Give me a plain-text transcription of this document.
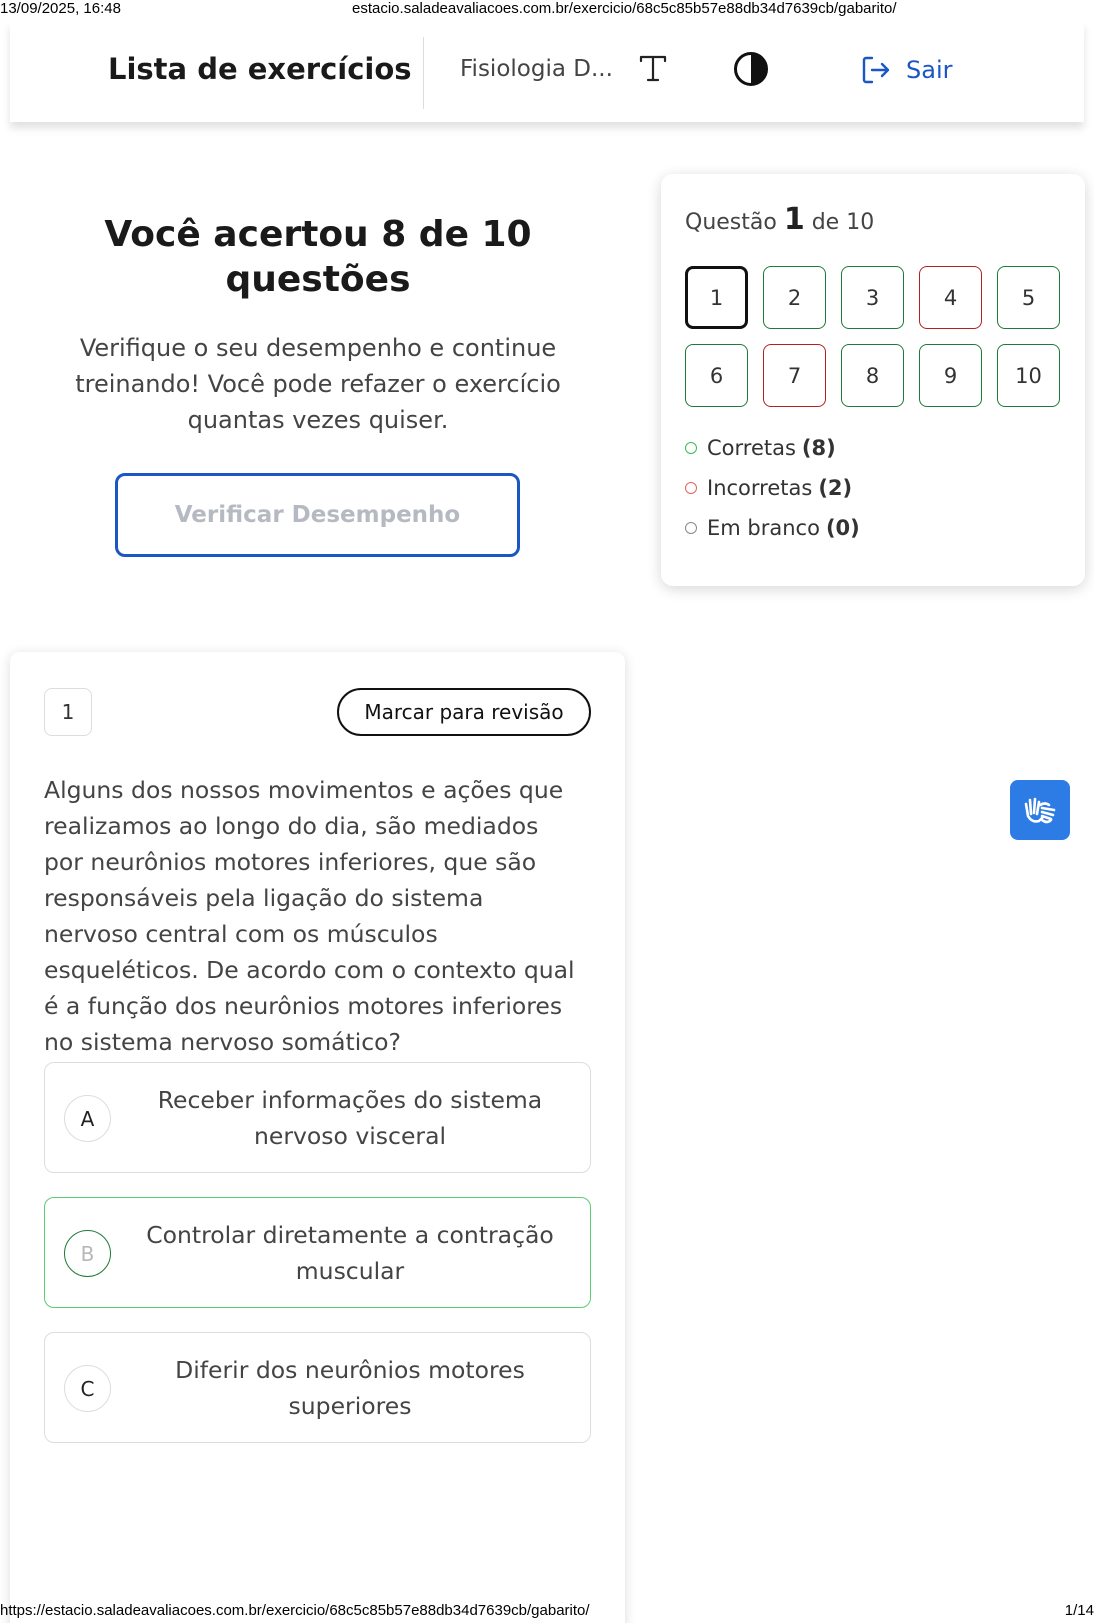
13/09/2025, 16:48	estacio.saladeavaliacoes.com.br/exercicio/68c5c85b57e88db34d7639cb/gabarito/
Lista de exercícios Fisiologia D...	Sair
Você acertou 8 de 10 questões
Verifique o seu desempenho e continue treinando! Você pode refazer o exercício quantas vezes quiser.
Verificar Desempenho
Questão 1 de 10
1	2	3	4	5
6	7	8	9	10
Corretas (8)
Incorretas (2)
Em branco (0)
1	Marcar para revisão
Alguns dos nossos movimentos e ações que realizamos ao longo do dia, são mediados por neurônios motores inferiores, que são responsáveis pela ligação do sistema nervoso central com os músculos esqueléticos. De acordo com o contexto qual é a função dos neurônios motores inferiores no sistema nervoso somático?
A
Receber informações do sistema nervoso visceral
B
Controlar diretamente a contração muscular
C
Diferir dos neurônios motores superiores
https://estacio.saladeavaliacoes.com.br/exercicio/68c5c85b57e88db34d7639cb/gabarito/	1/14
